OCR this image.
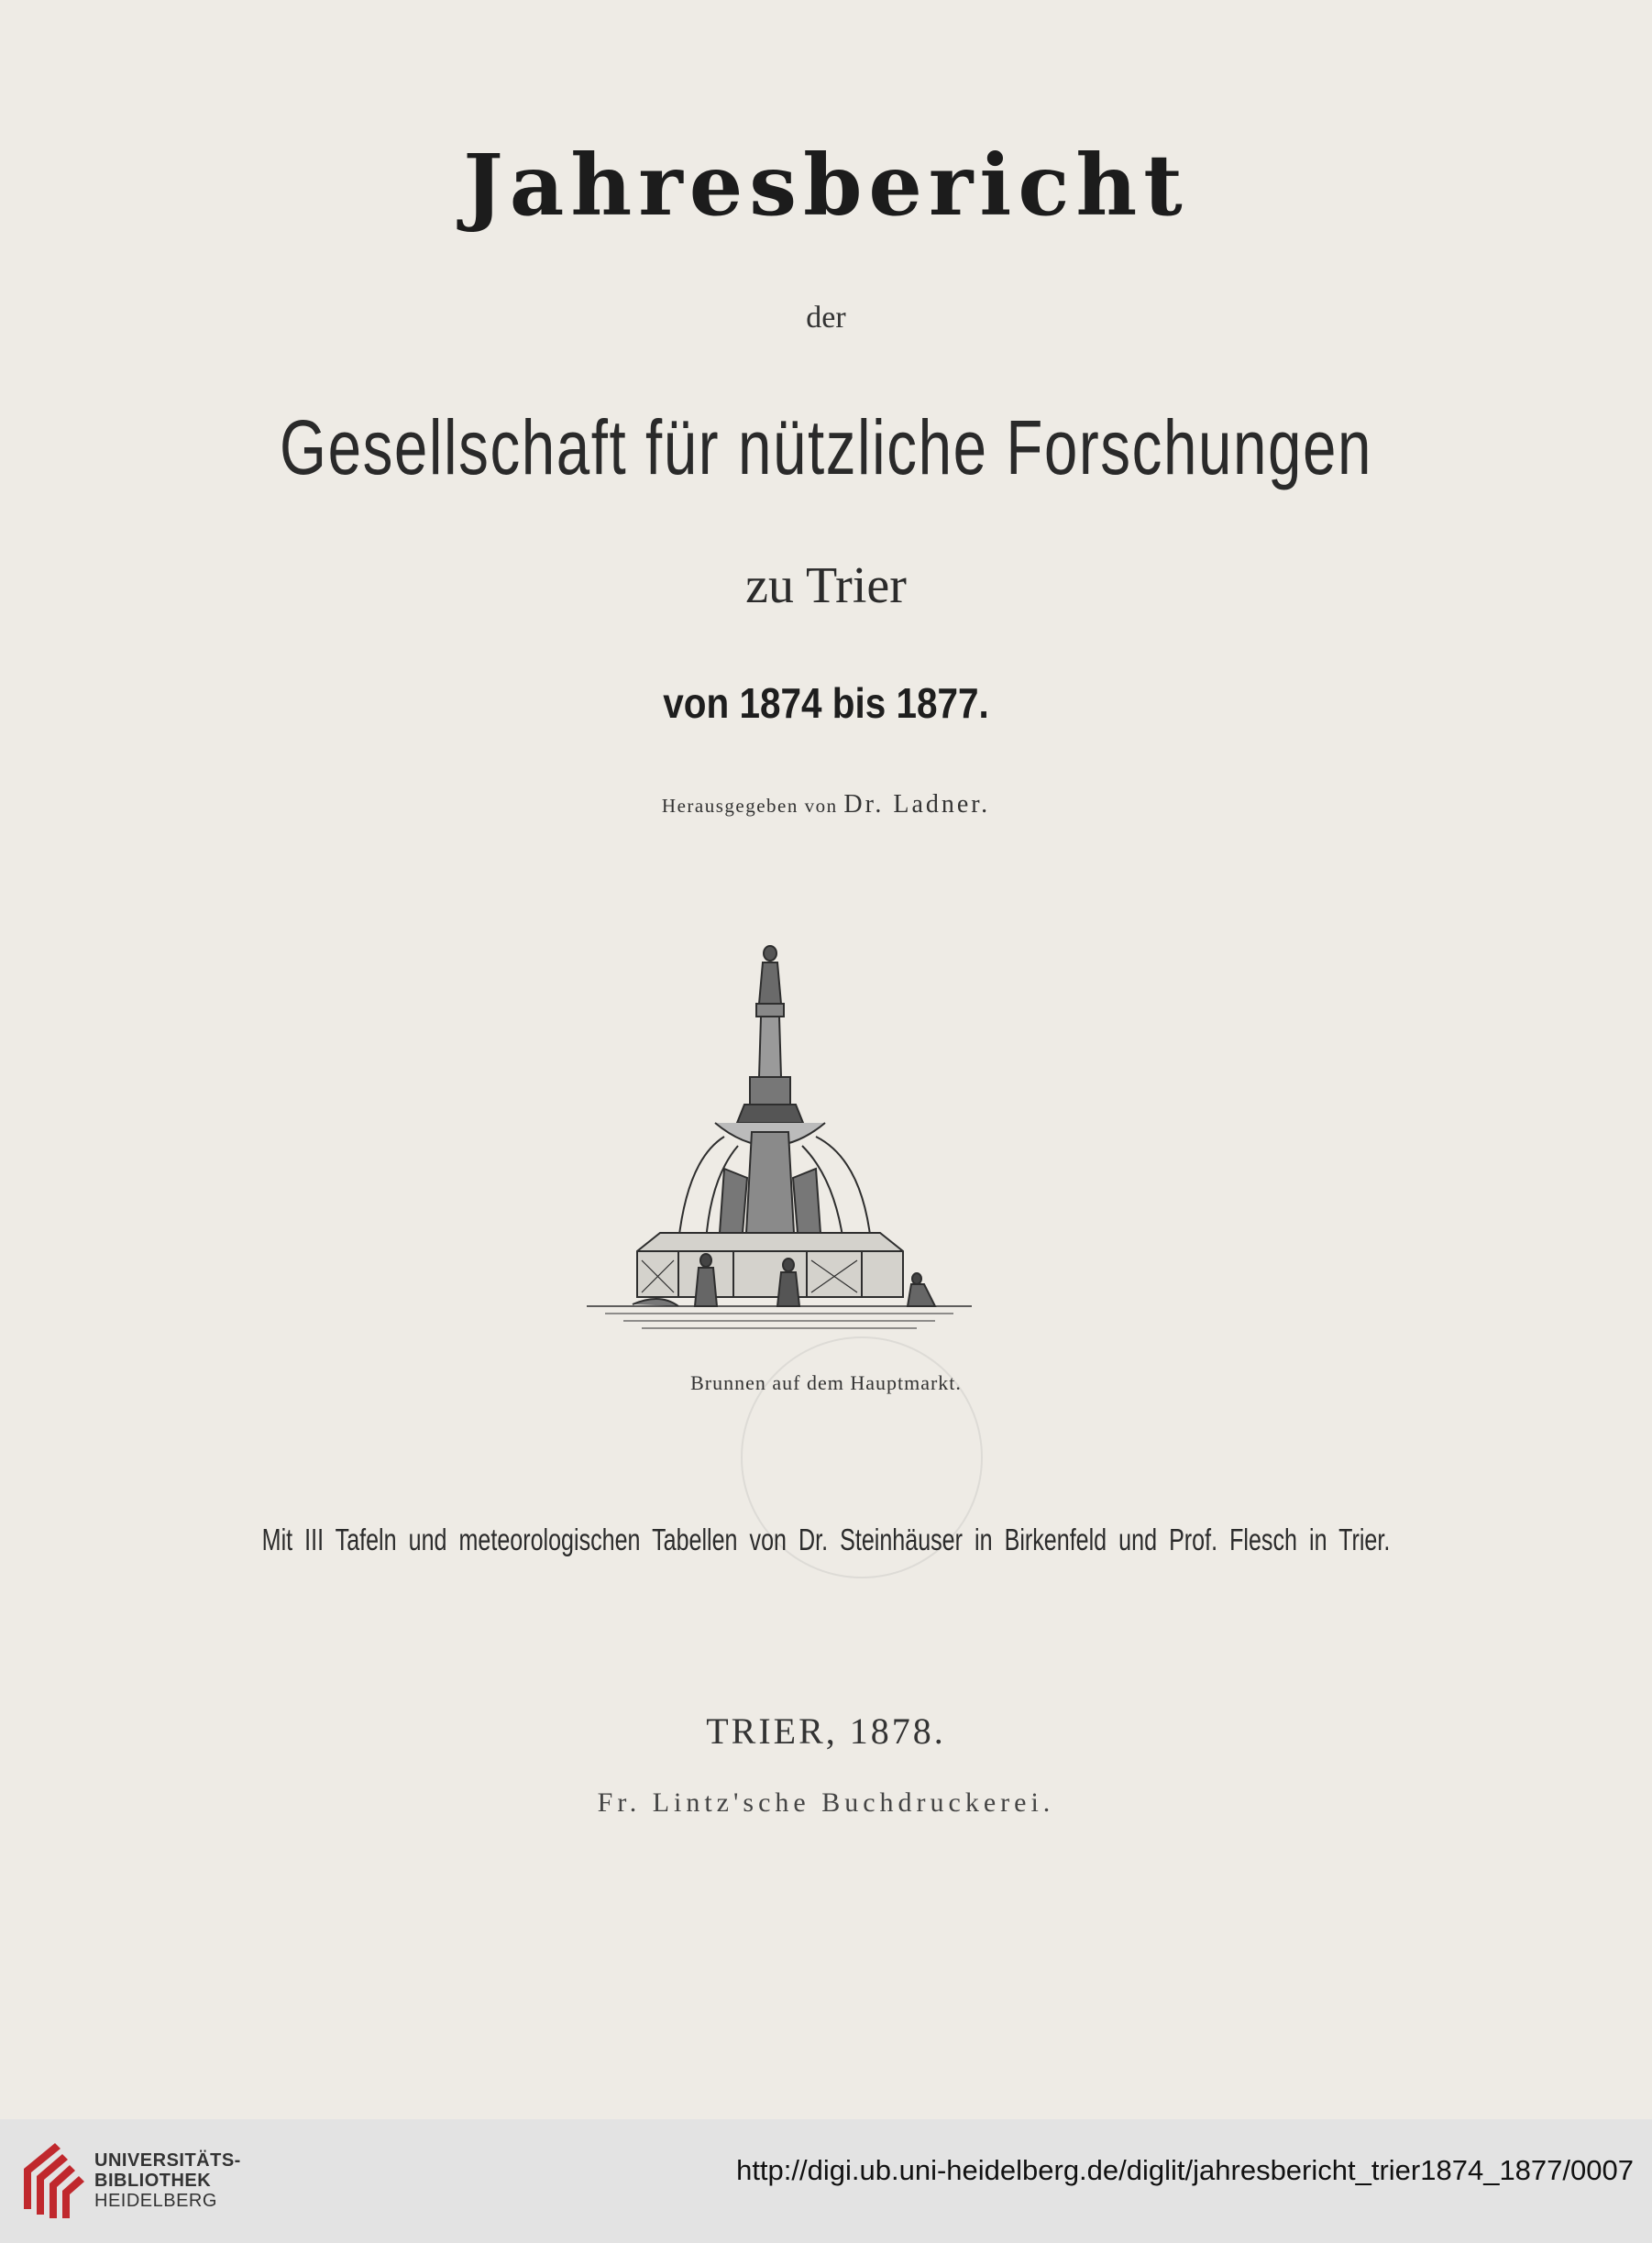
Jahresbericht
der
Gesellschaft für nützliche Forschungen
zu Trier
von 1874 bis 1877.
Herausgegeben von Dr. Ladner.
Brunnen auf dem Hauptmarkt.
Mit III Tafeln und meteorologischen Tabellen von Dr. Steinhäuser in Birkenfeld und Prof. Flesch in Trier.
TRIER, 1878.
Fr. Lintz'sche Buchdruckerei.
UNIVERSITÄTS-
BIBLIOTHEK
HEIDELBERG
http://digi.ub.uni-heidelberg.de/diglit/jahresbericht_trier1874_1877/0007
